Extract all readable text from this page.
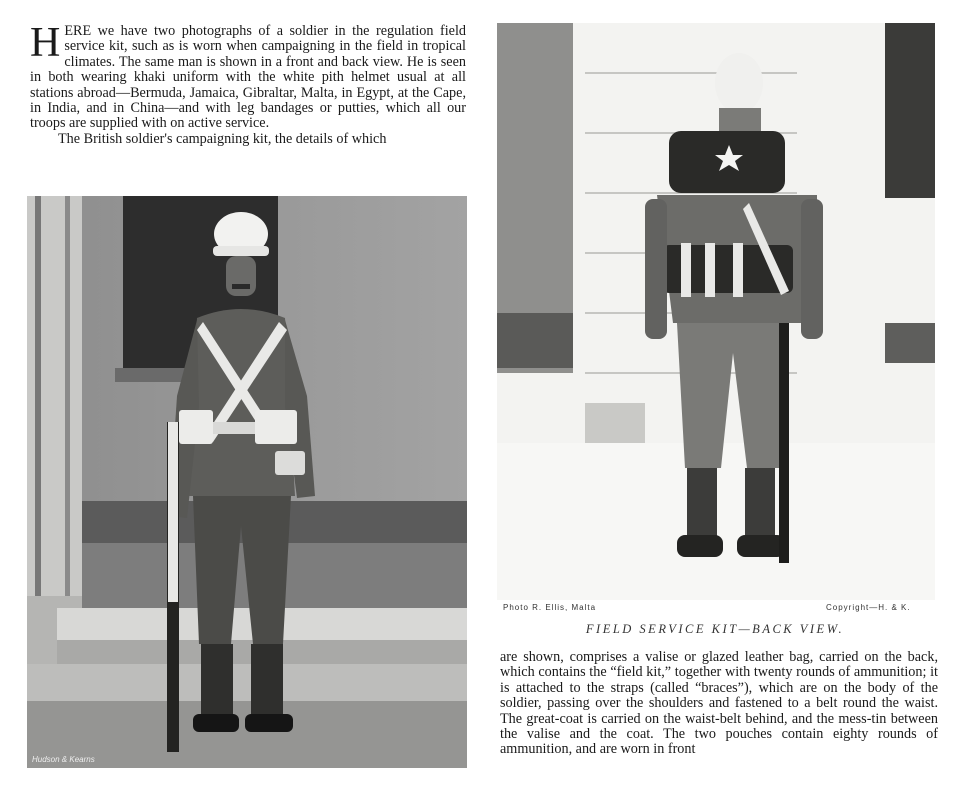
HERE we have two photographs of a soldier in the regulation field service kit, such as is worn when campaigning in the field in tropical climates. The same man is shown in a front and back view. He is seen in both wearing khaki uniform with the white pith helmet usual at all stations abroad—Bermuda, Jamaica, Gibraltar, Malta, in Egypt, at the Cape, in India, and in China—and with leg bandages or putties, which all our troops are supplied with on active service.

The British soldier's campaigning kit, the details of which

Hudson & Kearns
Photo R. Ellis, Malta	Copyright—H. & K.
FIELD SERVICE KIT—BACK VIEW.
are shown, comprises a valise or glazed leather bag, carried on the back, which contains the “field kit,” together with twenty rounds of ammunition; it is attached to the straps (called “braces”), which are on the body of the soldier, passing over the shoulders and fastened to a belt round the waist. The great-coat is carried on the waist-belt behind, and the mess-tin between the valise and the coat. The two pouches contain eighty rounds of ammunition, and are worn in front
